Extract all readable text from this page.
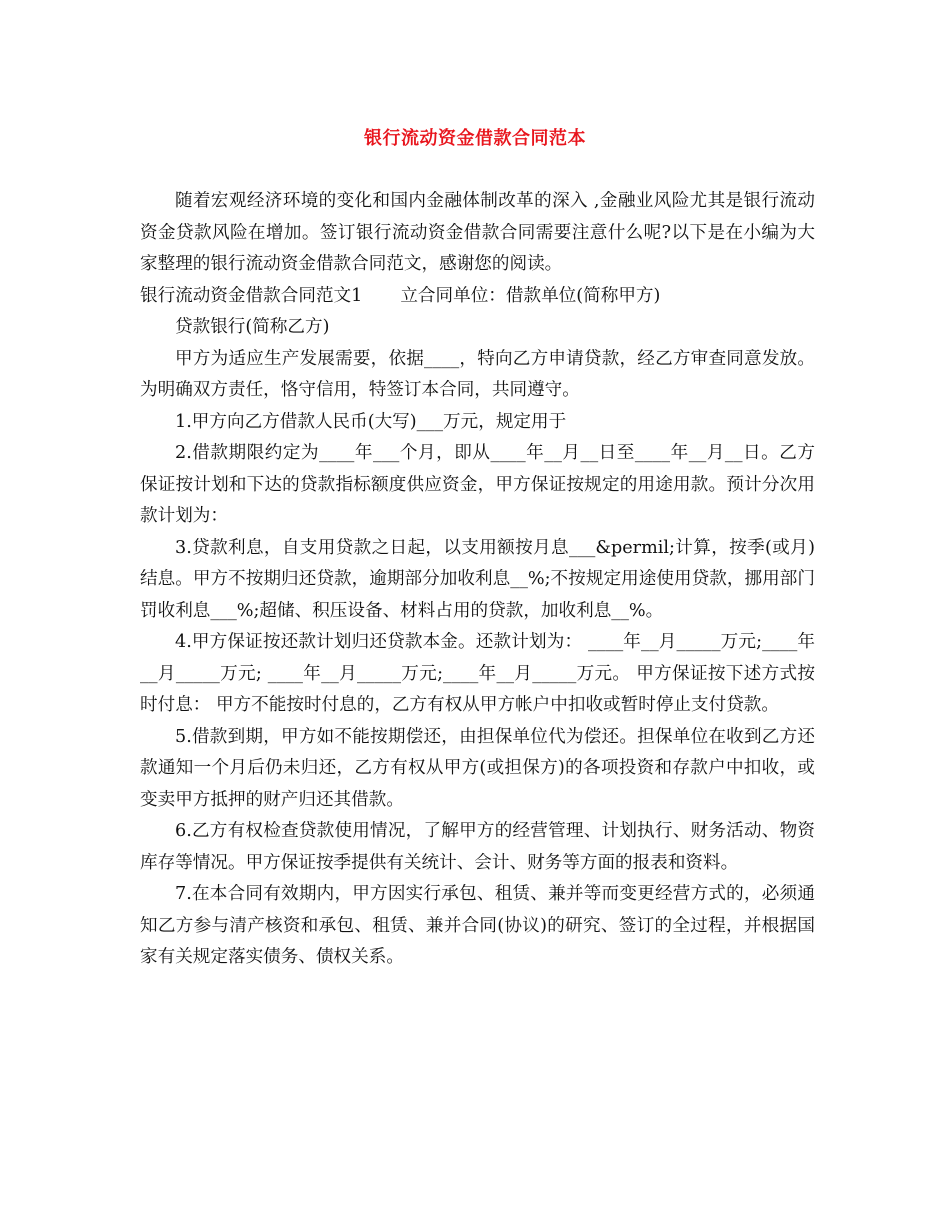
银行流动资金借款合同范本

随着宏观经济环境的变化和国内金融体制改革的深入 ,金融业风险尤其是银行流动资金贷款风险在增加。签订银行流动资金借款合同需要注意什么呢?以下是在小编为大家整理的银行流动资金借款合同范文，感谢您的阅读。

银行流动资金借款合同范文1 立合同单位：借款单位(简称甲方)

贷款银行(简称乙方)

甲方为适应生产发展需要，依据____，特向乙方申请贷款，经乙方审查同意发放。为明确双方责任，恪守信用，特签订本合同，共同遵守。

1.甲方向乙方借款人民币(大写)___万元，规定用于

2.借款期限约定为____年___个月，即从____年__月__日至____年__月__日。乙方保证按计划和下达的贷款指标额度供应资金，甲方保证按规定的用途用款。预计分次用款计划为：

3.贷款利息，自支用贷款之日起，以支用额按月息___&permil;计算，按季(或月)结息。甲方不按期归还贷款，逾期部分加收利息__%;不按规定用途使用贷款，挪用部门罚收利息___%;超储、积压设备、材料占用的贷款，加收利息__%。

4.甲方保证按还款计划归还贷款本金。还款计划为： ____年__月_____万元;____年__月_____万元; ____年__月_____万元;____年__月_____万元。 甲方保证按下述方式按时付息： 甲方不能按时付息的，乙方有权从甲方帐户中扣收或暂时停止支付贷款。

5.借款到期，甲方如不能按期偿还，由担保单位代为偿还。担保单位在收到乙方还款通知一个月后仍未归还，乙方有权从甲方(或担保方)的各项投资和存款户中扣收，或变卖甲方抵押的财产归还其借款。

6.乙方有权检查贷款使用情况，了解甲方的经营管理、计划执行、财务活动、物资库存等情况。甲方保证按季提供有关统计、会计、财务等方面的报表和资料。

7.在本合同有效期内，甲方因实行承包、租赁、兼并等而变更经营方式的，必须通知乙方参与清产核资和承包、租赁、兼并合同(协议)的研究、签订的全过程，并根据国家有关规定落实债务、债权关系。
